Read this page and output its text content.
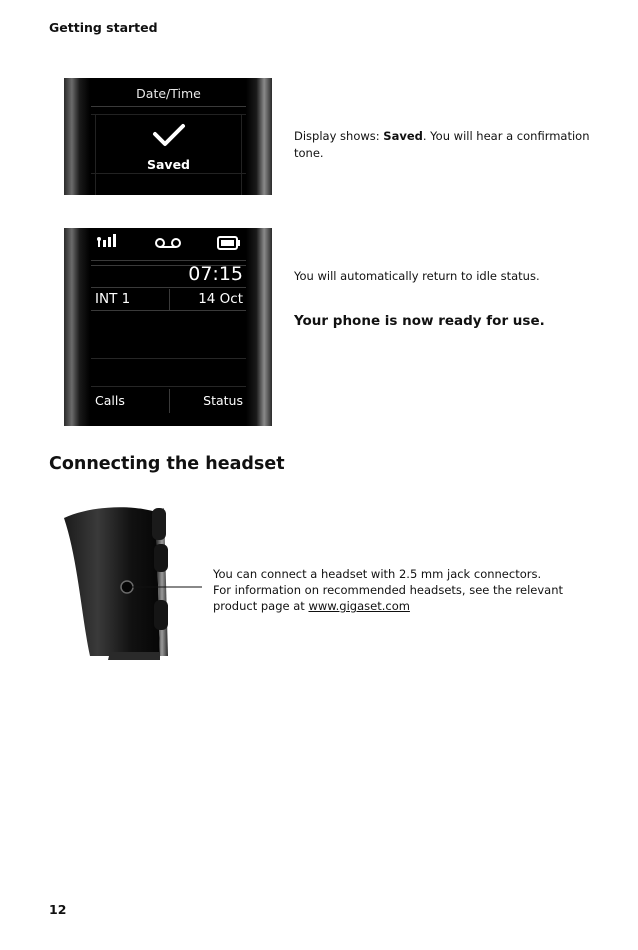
Getting started
Date/Time
Saved
Display shows: Saved. You will hear a confirmation tone.
07:15
INT 1	14 Oct
Calls	Status
You will automatically return to idle status.
Your phone is now ready for use.
Connecting the headset
You can connect a headset with 2.5 mm jack connectors.
For information on recommended headsets, see the relevant
product page at www.gigaset.com
12
